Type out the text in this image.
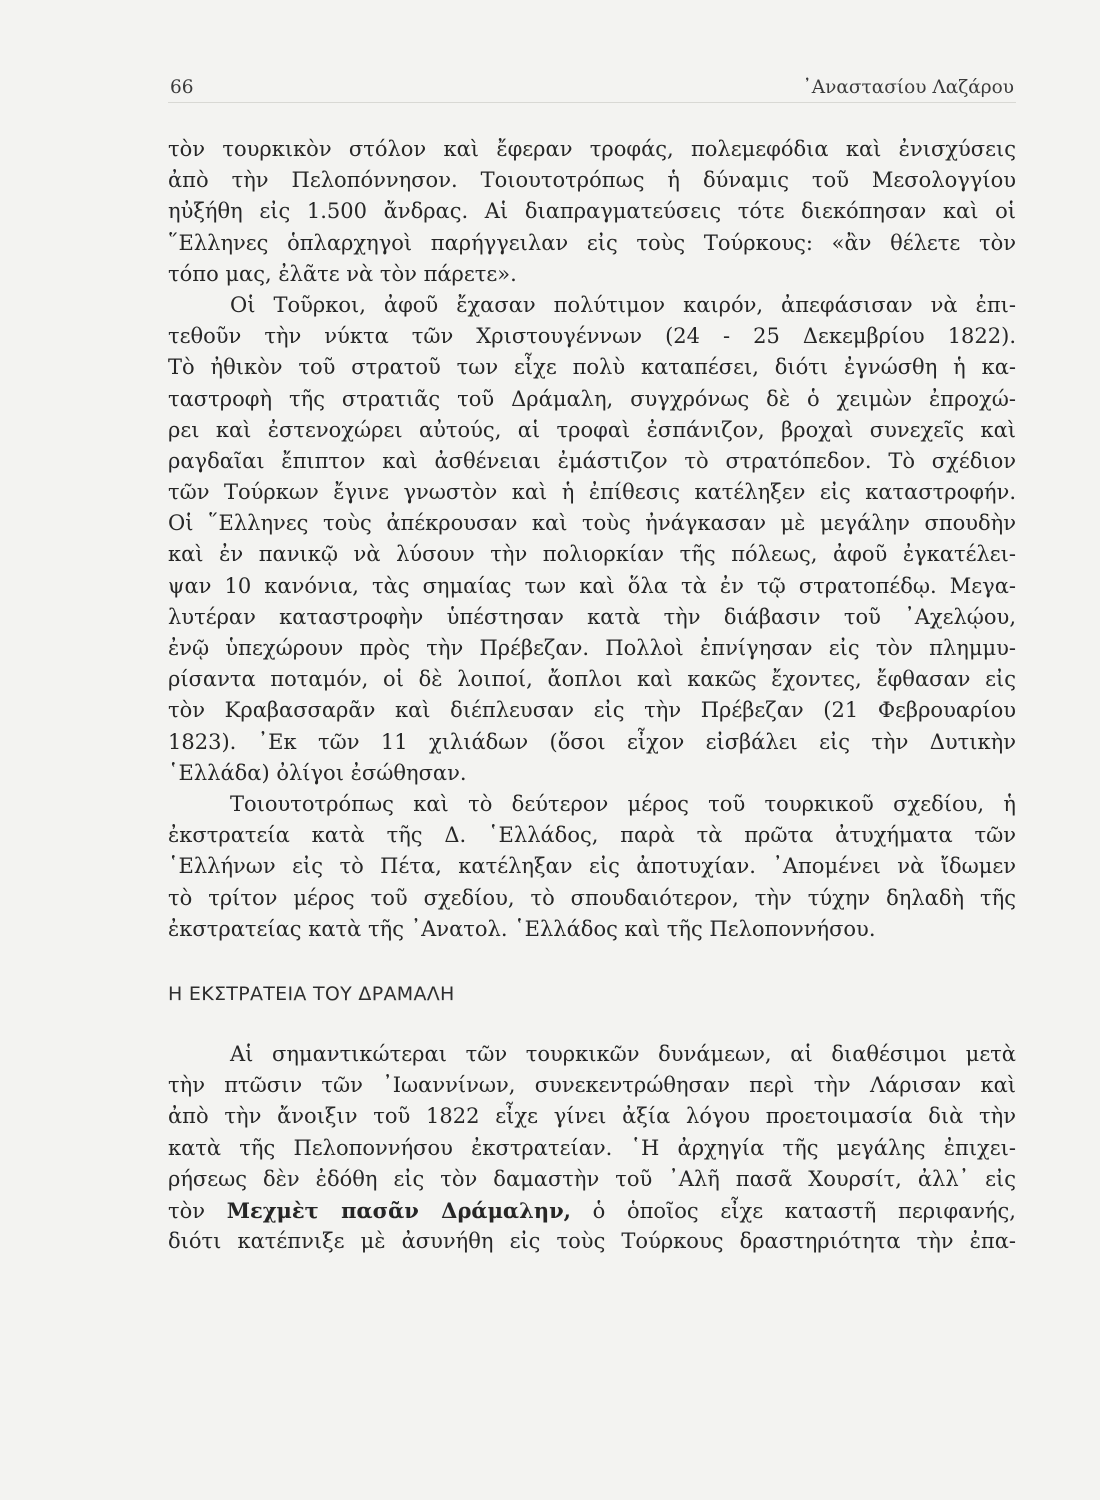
66	᾿Αναστασίου Λαζάρου
τὸν τουρκικὸν στόλον καὶ ἔφεραν τροφάς, πολεμεφόδια καὶ ἐνισχύσεις
ἀπὸ τὴν Πελοπόννησον. Τοιουτοτρόπως ἡ δύναμις τοῦ Μεσολογγίου
ηὐξήθη εἰς 1.500 ἄνδρας. Αἱ διαπραγματεύσεις τότε διεκόπησαν καὶ οἱ
῞Ελληνες ὁπλαρχηγοὶ παρήγγειλαν εἰς τοὺς Τούρκους: «ἂν θέλετε τὸν
τόπο μας, ἐλᾶτε νὰ τὸν πάρετε».
Οἱ Τοῦρκοι, ἀφοῦ ἔχασαν πολύτιμον καιρόν, ἀπεφάσισαν νὰ ἐπι-
τεθοῦν τὴν νύκτα τῶν Χριστουγέννων (24 - 25 Δεκεμβρίου 1822).
Τὸ ἠθικὸν τοῦ στρατοῦ των εἶχε πολὺ καταπέσει, διότι ἐγνώσθη ἡ κα-
ταστροφὴ τῆς στρατιᾶς τοῦ Δράμαλη, συγχρόνως δὲ ὁ χειμὼν ἐπροχώ-
ρει καὶ ἐστενοχώρει αὐτούς, αἱ τροφαὶ ἐσπάνιζον, βροχαὶ συνεχεῖς καὶ
ραγδαῖαι ἔπιπτον καὶ ἀσθένειαι ἐμάστιζον τὸ στρατόπεδον. Τὸ σχέδιον
τῶν Τούρκων ἔγινε γνωστὸν καὶ ἡ ἐπίθεσις κατέληξεν εἰς καταστροφήν.
Οἱ ῞Ελληνες τοὺς ἀπέκρουσαν καὶ τοὺς ἠνάγκασαν μὲ μεγάλην σπουδὴν
καὶ ἐν πανικῷ νὰ λύσουν τὴν πολιορκίαν τῆς πόλεως, ἀφοῦ ἐγκατέλει-
ψαν 10 κανόνια, τὰς σημαίας των καὶ ὅλα τὰ ἐν τῷ στρατοπέδῳ. Μεγα-
λυτέραν καταστροφὴν ὑπέστησαν κατὰ τὴν διάβασιν τοῦ ᾿Αχελῴου,
ἐνῷ ὑπεχώρουν πρὸς τὴν Πρέβεζαν. Πολλοὶ ἐπνίγησαν εἰς τὸν πλημμυ-
ρίσαντα ποταμόν, οἱ δὲ λοιποί, ἄοπλοι καὶ κακῶς ἔχοντες, ἔφθασαν εἰς
τὸν Κραβασσαρᾶν καὶ διέπλευσαν εἰς τὴν Πρέβεζαν (21 Φεβρουαρίου
1823). ᾿Εκ τῶν 11 χιλιάδων (ὅσοι εἶχον εἰσβάλει εἰς τὴν Δυτικὴν
῾Ελλάδα) ὀλίγοι ἐσώθησαν.
Τοιουτοτρόπως καὶ τὸ δεύτερον μέρος τοῦ τουρκικοῦ σχεδίου, ἡ
ἐκστρατεία κατὰ τῆς Δ. ῾Ελλάδος, παρὰ τὰ πρῶτα ἀτυχήματα τῶν
῾Ελλήνων εἰς τὸ Πέτα, κατέληξαν εἰς ἀποτυχίαν. ᾿Απομένει νὰ ἴδωμεν
τὸ τρίτον μέρος τοῦ σχεδίου, τὸ σπουδαιότερον, τὴν τύχην δηλαδὴ τῆς
ἐκστρατείας κατὰ τῆς ᾿Ανατολ. ῾Ελλάδος καὶ τῆς Πελοποννήσου.
Η ΕΚΣΤΡΑΤΕΙΑ ΤΟΥ ΔΡΑΜΑΛΗ
Αἱ σημαντικώτεραι τῶν τουρκικῶν δυνάμεων, αἱ διαθέσιμοι μετὰ
τὴν πτῶσιν τῶν ᾿Ιωαννίνων, συνεκεντρώθησαν περὶ τὴν Λάρισαν καὶ
ἀπὸ τὴν ἄνοιξιν τοῦ 1822 εἶχε γίνει ἀξία λόγου προετοιμασία διὰ τὴν
κατὰ τῆς Πελοποννήσου ἐκστρατείαν. ῾Η ἀρχηγία τῆς μεγάλης ἐπιχει-
ρήσεως δὲν ἐδόθη εἰς τὸν δαμαστὴν τοῦ ᾿Αλῆ πασᾶ Χουρσίτ, ἀλλ᾿ εἰς
τὸν Μεχμὲτ πασᾶν Δράμαλην, ὁ ὁποῖος εἶχε καταστῆ περιφανής,
διότι κατέπνιξε μὲ ἀσυνήθη εἰς τοὺς Τούρκους δραστηριότητα τὴν ἐπα-
